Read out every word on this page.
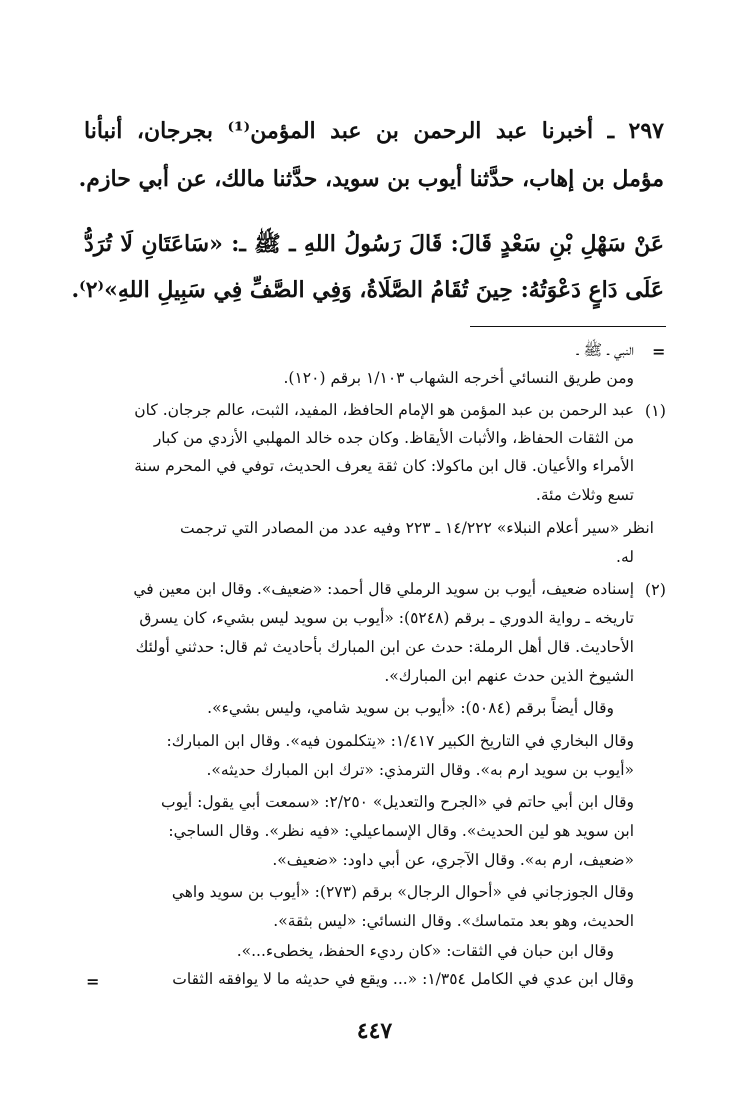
٢٩٧ ـ أخبرنا عبد الرحمن بن عبد المؤمن⁽¹⁾ بجرجان، أنبأنا
مؤمل بن إهاب، حدَّثنا أيوب بن سويد، حدَّثنا مالك، عن أبي حازم.
عَنْ سَهْلِ بْنِ سَعْدٍ قَالَ: قَالَ رَسُولُ اللهِ ـ ﷺ ـ: «سَاعَتَانِ لَا تُرَدُّ
عَلَى دَاعٍ دَعْوَتُهُ: حِينَ تُقَامُ الصَّلَاةُ، وَفِي الصَّفِّ فِي سَبِيلِ اللهِ»⁽٢⁾.
=
النبي ـ ﷺ ـ
ومن طريق النسائي أخرجه الشهاب ١/١٠٣ برقم (١٢٠).
(١)
عبد الرحمن بن عبد المؤمن هو الإمام الحافظ، المفيد، الثبت، عالم جرجان. كان
من الثقات الحفاظ، والأثبات الأيقاظ. وكان جده خالد المهلبي الأزدي من كبار
الأمراء والأعيان. قال ابن ماكولا: كان ثقة يعرف الحديث، توفي في المحرم سنة
تسع وثلاث مئة.
انظر «سير أعلام النبلاء» ١٤/٢٢٢ ـ ٢٢٣ وفيه عدد من المصادر التي ترجمت
له.
(٢)
إسناده ضعيف، أيوب بن سويد الرملي قال أحمد: «ضعيف». وقال ابن معين في
تاريخه ـ رواية الدوري ـ برقم (٥٢٤٨): «أيوب بن سويد ليس بشيء، كان يسرق
الأحاديث. قال أهل الرملة: حدث عن ابن المبارك بأحاديث ثم قال: حدثني أولئك
الشيوخ الذين حدث عنهم ابن المبارك».
وقال أيضاً برقم (٥٠٨٤): «أيوب بن سويد شامي، وليس بشيء».
وقال البخاري في التاريخ الكبير ١/٤١٧: «يتكلمون فيه». وقال ابن المبارك:
«أيوب بن سويد ارم به». وقال الترمذي: «ترك ابن المبارك حديثه».
وقال ابن أبي حاتم في «الجرح والتعديل» ٢/٢٥٠: «سمعت أبي يقول: أيوب
ابن سويد هو لين الحديث». وقال الإسماعيلي: «فيه نظر». وقال الساجي:
«ضعيف، ارم به». وقال الآجري، عن أبي داود: «ضعيف».
وقال الجوزجاني في «أحوال الرجال» برقم (٢٧٣): «أيوب بن سويد واهي
الحديث، وهو بعد متماسك». وقال النسائي: «ليس بثقة».
وقال ابن حبان في الثقات: «كان رديء الحفظ، يخطىء...».
وقال ابن عدي في الكامل ١/٣٥٤: «... ويقع في حديثه ما لا يوافقه الثقات
=
٤٤٧
